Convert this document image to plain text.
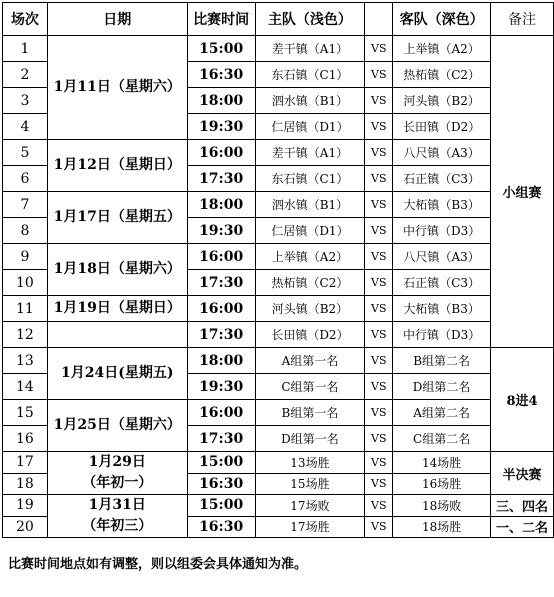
场次	日期	比赛时间	主队（浅色）		客队（深色）	备注
1	1月11日（星期六）	15:00	差干镇（A1）	VS	上举镇（A2）	小组赛
2		16:30	东石镇（C1）	VS	热柘镇（C2）	
3		18:00	泗水镇（B1）	VS	河头镇（B2）	
4		19:30	仁居镇（D1）	VS	长田镇（D2）	
5	1月12日（星期日）	16:00	差干镇（A1）	VS	八尺镇（A3）	
6		17:30	东石镇（C1）	VS	石正镇（C3）	
7	1月17日（星期五）	18:00	泗水镇（B1）	VS	大柘镇（B3）	
8		19:30	仁居镇（D1）	VS	中行镇（D3）	
9	1月18日（星期六）	16:00	上举镇（A2）	VS	八尺镇（A3）	
10		17:30	热柘镇（C2）	VS	石正镇（C3）	
11	1月19日（星期日）	16:00	河头镇（B2）	VS	大柘镇（B3）	
12		17:30	长田镇（D2）	VS	中行镇（D3）	
13	1月24日(星期五)	18:00	A组第一名	VS	B组第二名	8进4
14		19:30	C组第一名	VS	D组第二名	
15	1月25日（星期六）	16:00	B组第一名	VS	A组第二名	
16		17:30	D组第一名	VS	C组第二名	
17	1月29日
（年初一）	15:00	13场胜	VS	14场胜	半决赛
18		16:30	15场胜	VS	16场胜	
19	1月31日
（年初三）	15:00	17场败	VS	18场败	三、四名
20		16:30	17场胜	VS	18场胜	一、二名
比赛时间地点如有调整，则以组委会具体通知为准。
